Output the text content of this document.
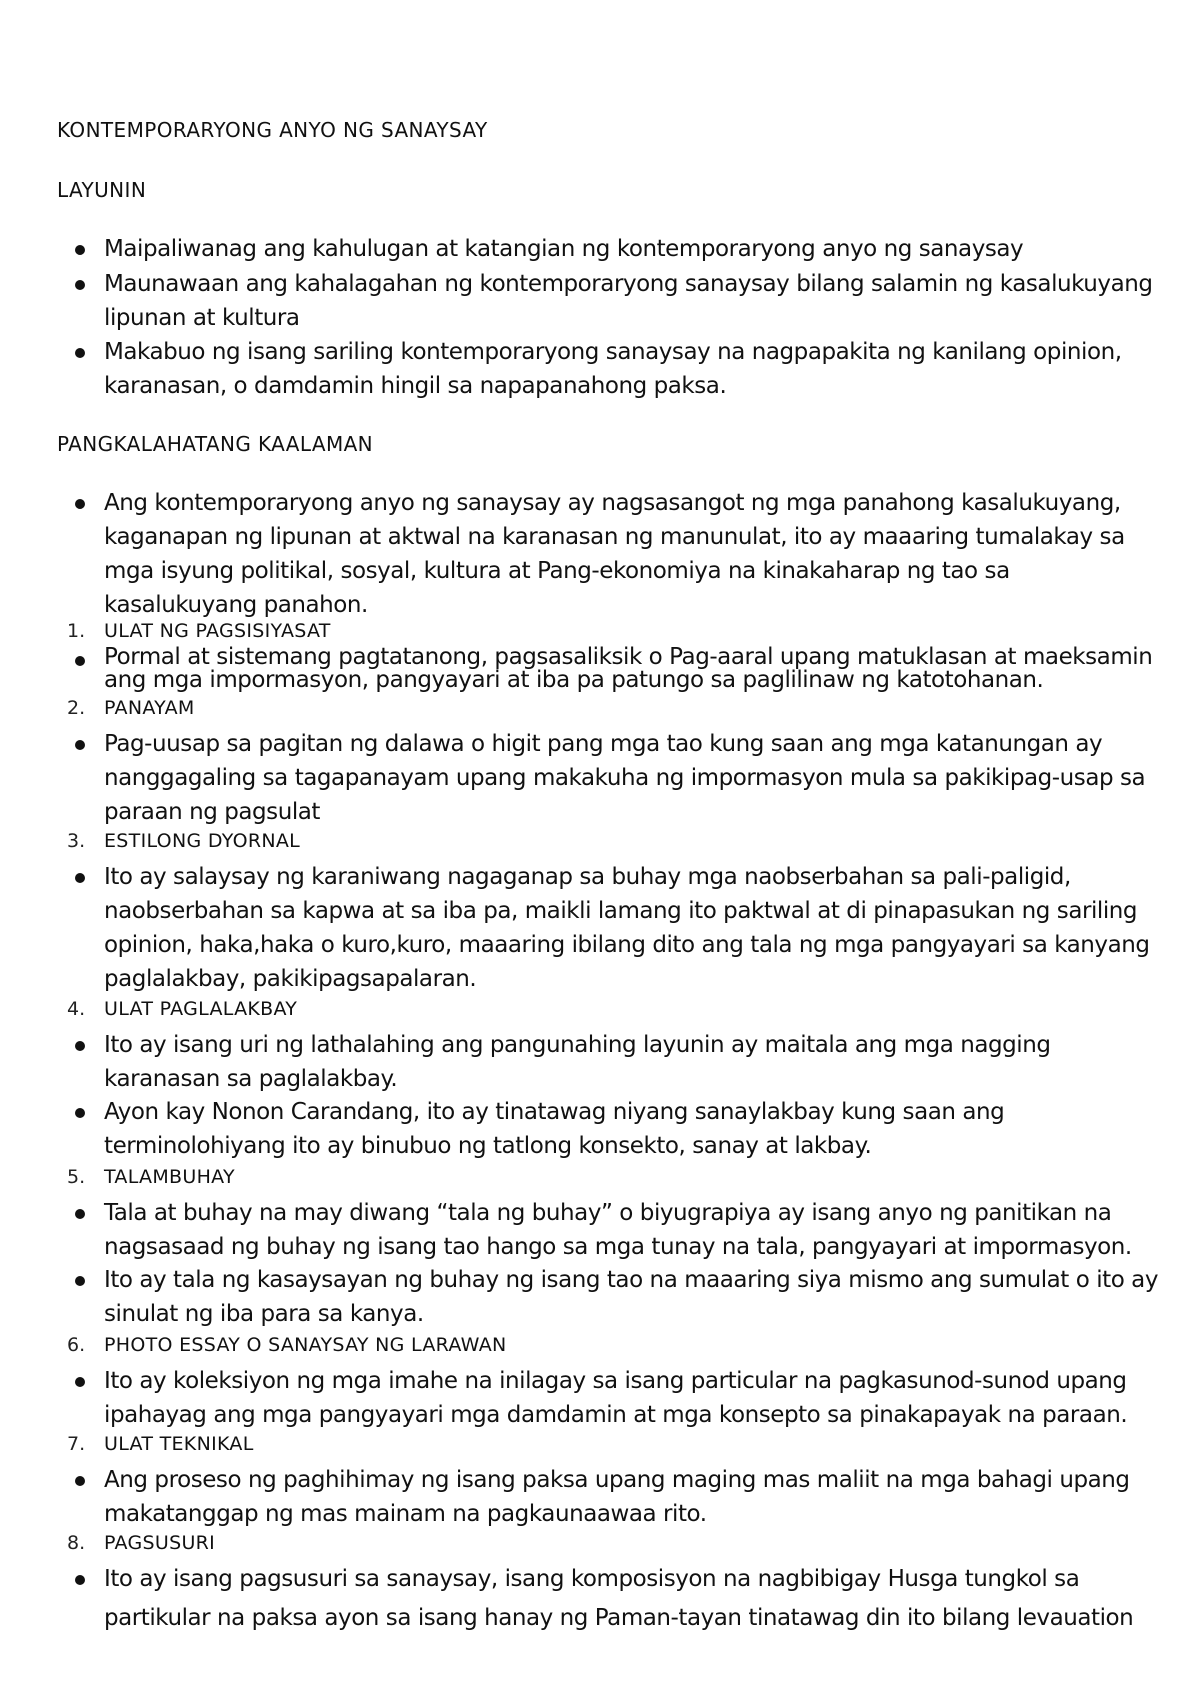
KONTEMPORARYONG ANYO NG SANAYSAY
LAYUNIN
Maipaliwanag ang kahulugan at katangian ng kontemporaryong anyo ng sanaysay
Maunawaan ang kahalagahan ng kontemporaryong sanaysay bilang salamin ng kasalukuyang lipunan at kultura
Makabuo ng isang sariling kontemporaryong sanaysay na nagpapakita ng kanilang opinion, karanasan, o damdamin hingil sa napapanahong paksa.
PANGKALAHATANG KAALAMAN
Ang kontemporaryong anyo ng sanaysay ay nagsasangot ng mga panahong kasalukuyang, kaganapan ng lipunan at aktwal na karanasan ng manunulat, ito ay maaaring tumalakay sa mga isyung politikal, sosyal, kultura at Pang-ekonomiya na kinakaharap ng tao sa kasalukuyang panahon.
1. ULAT NG PAGSISIYASAT
Pormal at sistemang pagtatanong, pagsasaliksik o Pag-aaral upang matuklasan at maeksamin ang mga impormasyon, pangyayari at iba pa patungo sa paglilinaw ng katotohanan.
2. PANAYAM
Pag-uusap sa pagitan ng dalawa o higit pang mga tao kung saan ang mga katanungan ay nanggagaling sa tagapanayam upang makakuha ng impormasyon mula sa pakikipag-usap sa paraan ng pagsulat
3. ESTILONG DYORNAL
Ito ay salaysay ng karaniwang nagaganap sa buhay mga naobserbahan sa pali-paligid, naobserbahan sa kapwa at sa iba pa, maikli lamang ito paktwal at di pinapasukan ng sariling opinion, haka,haka o kuro,kuro, maaaring ibilang dito ang tala ng mga pangyayari sa kanyang paglalakbay, pakikipagsapalaran.
4. ULAT PAGLALAKBAY
Ito ay isang uri ng lathalahing ang pangunahing layunin ay maitala ang mga nagging karanasan sa paglalakbay.
Ayon kay Nonon Carandang, ito ay tinatawag niyang sanaylakbay kung saan ang terminolohiyang ito ay binubuo ng tatlong konsekto, sanay at lakbay.
5. TALAMBUHAY
Tala at buhay na may diwang “tala ng buhay” o biyugrapiya ay isang anyo ng panitikan na nagsasaad ng buhay ng isang tao hango sa mga tunay na tala, pangyayari at impormasyon.
Ito ay tala ng kasaysayan ng buhay ng isang tao na maaaring siya mismo ang sumulat o ito ay sinulat ng iba para sa kanya.
6. PHOTO ESSAY O SANAYSAY NG LARAWAN
Ito ay koleksiyon ng mga imahe na inilagay sa isang particular na pagkasunod-sunod upang ipahayag ang mga pangyayari mga damdamin at mga konsepto sa pinakapayak na paraan.
7. ULAT TEKNIKAL
Ang proseso ng paghihimay ng isang paksa upang maging mas maliit na mga bahagi upang makatanggap ng mas mainam na pagkaunaawaa rito.
8. PAGSUSURI
Ito ay isang pagsusuri sa sanaysay, isang komposisyon na nagbibigay Husga tungkol sa partikular na paksa ayon sa isang hanay ng Paman-tayan tinatawag din ito bilang levauation
